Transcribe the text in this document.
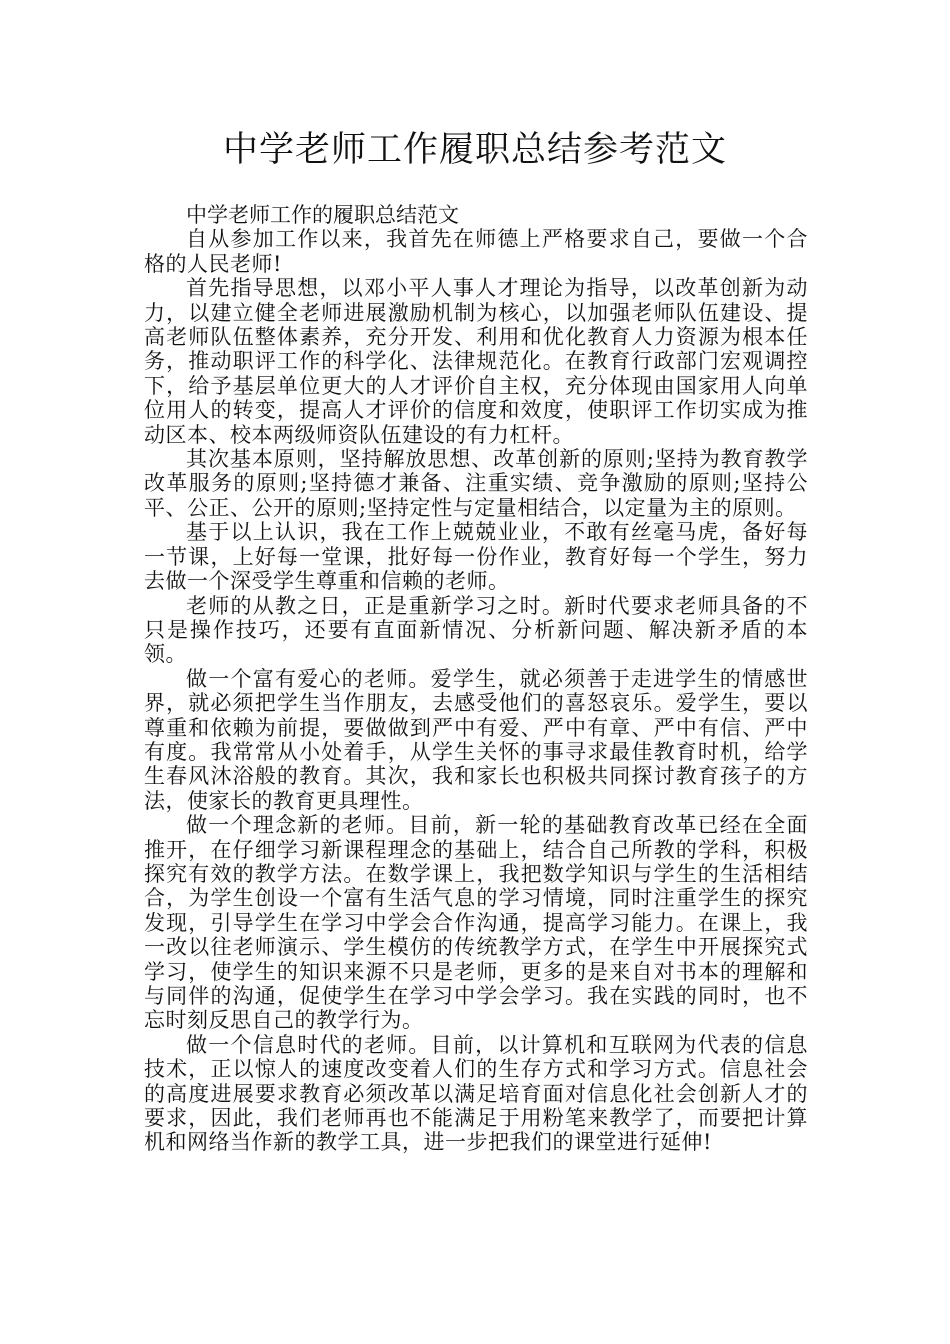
中学老师工作履职总结参考范文

中学老师工作的履职总结范文

自从参加工作以来，我首先在师德上严格要求自己，要做一个合格的人民老师!

首先指导思想，以邓小平人事人才理论为指导，以改革创新为动力，以建立健全老师进展激励机制为核心，以加强老师队伍建设、提高老师队伍整体素养，充分开发、利用和优化教育人力资源为根本任务，推动职评工作的科学化、法律规范化。在教育行政部门宏观调控下，给予基层单位更大的人才评价自主权，充分体现由国家用人向单位用人的转变，提高人才评价的信度和效度，使职评工作切实成为推动区本、校本两级师资队伍建设的有力杠杆。

其次基本原则，坚持解放思想、改革创新的原则;坚持为教育教学改革服务的原则;坚持德才兼备、注重实绩、竞争激励的原则;坚持公平、公正、公开的原则;坚持定性与定量相结合，以定量为主的原则。

基于以上认识，我在工作上兢兢业业，不敢有丝毫马虎，备好每一节课，上好每一堂课，批好每一份作业，教育好每一个学生，努力去做一个深受学生尊重和信赖的老师。

老师的从教之日，正是重新学习之时。新时代要求老师具备的不只是操作技巧，还要有直面新情况、分析新问题、解决新矛盾的本领。

做一个富有爱心的老师。爱学生，就必须善于走进学生的情感世界，就必须把学生当作朋友，去感受他们的喜怒哀乐。爱学生，要以尊重和依赖为前提，要做做到严中有爱、严中有章、严中有信、严中有度。我常常从小处着手，从学生关怀的事寻求最佳教育时机，给学生春风沐浴般的教育。其次，我和家长也积极共同探讨教育孩子的方法，使家长的教育更具理性。

做一个理念新的老师。目前，新一轮的基础教育改革已经在全面推开，在仔细学习新课程理念的基础上，结合自己所教的学科，积极探究有效的教学方法。在数学课上，我把数学知识与学生的生活相结合，为学生创设一个富有生活气息的学习情境，同时注重学生的探究发现，引导学生在学习中学会合作沟通，提高学习能力。在课上，我一改以往老师演示、学生模仿的传统教学方式，在学生中开展探究式学习，使学生的知识来源不只是老师，更多的是来自对书本的理解和与同伴的沟通，促使学生在学习中学会学习。我在实践的同时，也不忘时刻反思自己的教学行为。

做一个信息时代的老师。目前，以计算机和互联网为代表的信息技术，正以惊人的速度改变着人们的生存方式和学习方式。信息社会的高度进展要求教育必须改革以满足培育面对信息化社会创新人才的要求，因此，我们老师再也不能满足于用粉笔来教学了，而要把计算机和网络当作新的教学工具，进一步把我们的课堂进行延伸!
